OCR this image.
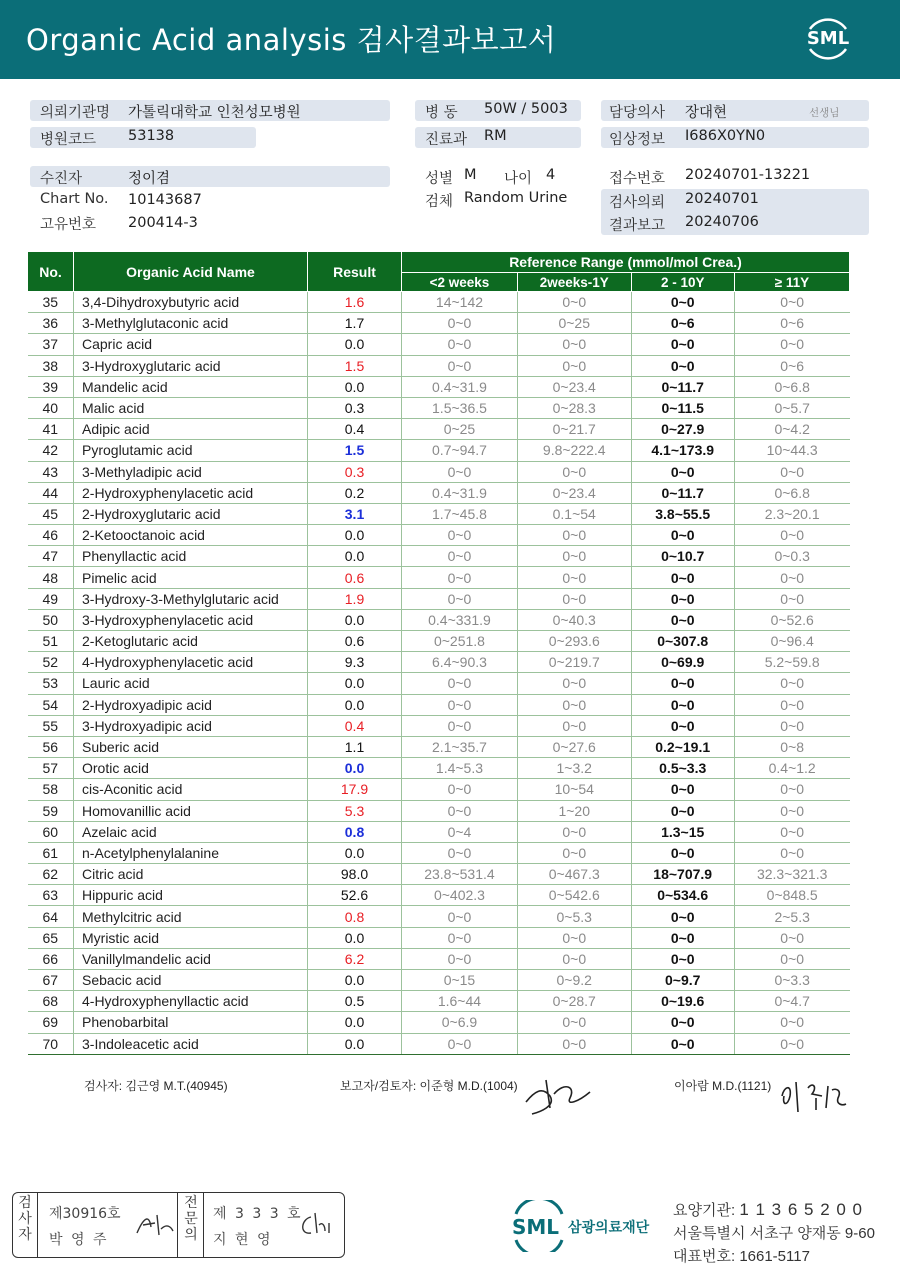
Organic Acid analysis 검사결과보고서	SML
의뢰기관명 가톨릭대학교 인천성모병원
병원코드 53138
병 동 50W / 5003
진료과 RM
담당의사 장대현	선생님
임상정보 I686X0YN0
수진자	정이겸
Chart No. 10143687
고유번호 200414-3
성별 M 나이 4
검체 Random Urine
접수번호 20240701-13221
검사의뢰 20240701
결과보고 20240706
No.	Organic Acid Name	Result	Reference Range (mmol/mol Crea.)			
			<2 weeks	2weeks-1Y	2 - 10Y	≥ 11Y
35	3,4-Dihydroxybutyric acid	1.6	14~142	0~0	0~0	0~0
36	3-Methylglutaconic acid	1.7	0~0	0~25	0~6	0~6
37	Capric acid	0.0	0~0	0~0	0~0	0~0
38	3-Hydroxyglutaric acid	1.5	0~0	0~0	0~0	0~6
39	Mandelic acid	0.0	0.4~31.9	0~23.4	0~11.7	0~6.8
40	Malic acid	0.3	1.5~36.5	0~28.3	0~11.5	0~5.7
41	Adipic acid	0.4	0~25	0~21.7	0~27.9	0~4.2
42	Pyroglutamic acid	1.5	0.7~94.7	9.8~222.4	4.1~173.9	10~44.3
43	3-Methyladipic acid	0.3	0~0	0~0	0~0	0~0
44	2-Hydroxyphenylacetic acid	0.2	0.4~31.9	0~23.4	0~11.7	0~6.8
45	2-Hydroxyglutaric acid	3.1	1.7~45.8	0.1~54	3.8~55.5	2.3~20.1
46	2-Ketooctanoic acid	0.0	0~0	0~0	0~0	0~0
47	Phenyllactic acid	0.0	0~0	0~0	0~10.7	0~0.3
48	Pimelic acid	0.6	0~0	0~0	0~0	0~0
49	3-Hydroxy-3-Methylglutaric acid	1.9	0~0	0~0	0~0	0~0
50	3-Hydroxyphenylacetic acid	0.0	0.4~331.9	0~40.3	0~0	0~52.6
51	2-Ketoglutaric acid	0.6	0~251.8	0~293.6	0~307.8	0~96.4
52	4-Hydroxyphenylacetic acid	9.3	6.4~90.3	0~219.7	0~69.9	5.2~59.8
53	Lauric acid	0.0	0~0	0~0	0~0	0~0
54	2-Hydroxyadipic acid	0.0	0~0	0~0	0~0	0~0
55	3-Hydroxyadipic acid	0.4	0~0	0~0	0~0	0~0
56	Suberic acid	1.1	2.1~35.7	0~27.6	0.2~19.1	0~8
57	Orotic acid	0.0	1.4~5.3	1~3.2	0.5~3.3	0.4~1.2
58	cis-Aconitic acid	17.9	0~0	10~54	0~0	0~0
59	Homovanillic acid	5.3	0~0	1~20	0~0	0~0
60	Azelaic acid	0.8	0~4	0~0	1.3~15	0~0
61	n-Acetylphenylalanine	0.0	0~0	0~0	0~0	0~0
62	Citric acid	98.0	23.8~531.4	0~467.3	18~707.9	32.3~321.3
63	Hippuric acid	52.6	0~402.3	0~542.6	0~534.6	0~848.5
64	Methylcitric acid	0.8	0~0	0~5.3	0~0	2~5.3
65	Myristic acid	0.0	0~0	0~0	0~0	0~0
66	Vanillylmandelic acid	6.2	0~0	0~0	0~0	0~0
67	Sebacic acid	0.0	0~15	0~9.2	0~9.7	0~3.3
68	4-Hydroxyphenyllactic acid	0.5	1.6~44	0~28.7	0~19.6	0~4.7
69	Phenobarbital	0.0	0~6.9	0~0	0~0	0~0
70	3-Indoleacetic acid	0.0	0~0	0~0	0~0	0~0
검사자: 김근영 M.T.(40945)	보고자/검토자: 이준형 M.D.(1004)	이아람 M.D.(1121)
검사자
제30916호
박 영 주
전문의
제 3 3 3 호
지 현 영
SML 삼광의료재단
요양기관: 1 1 3 6 5 2 0 0
서울특별시 서초구 양재동 9-60
대표번호: 1661-5117
